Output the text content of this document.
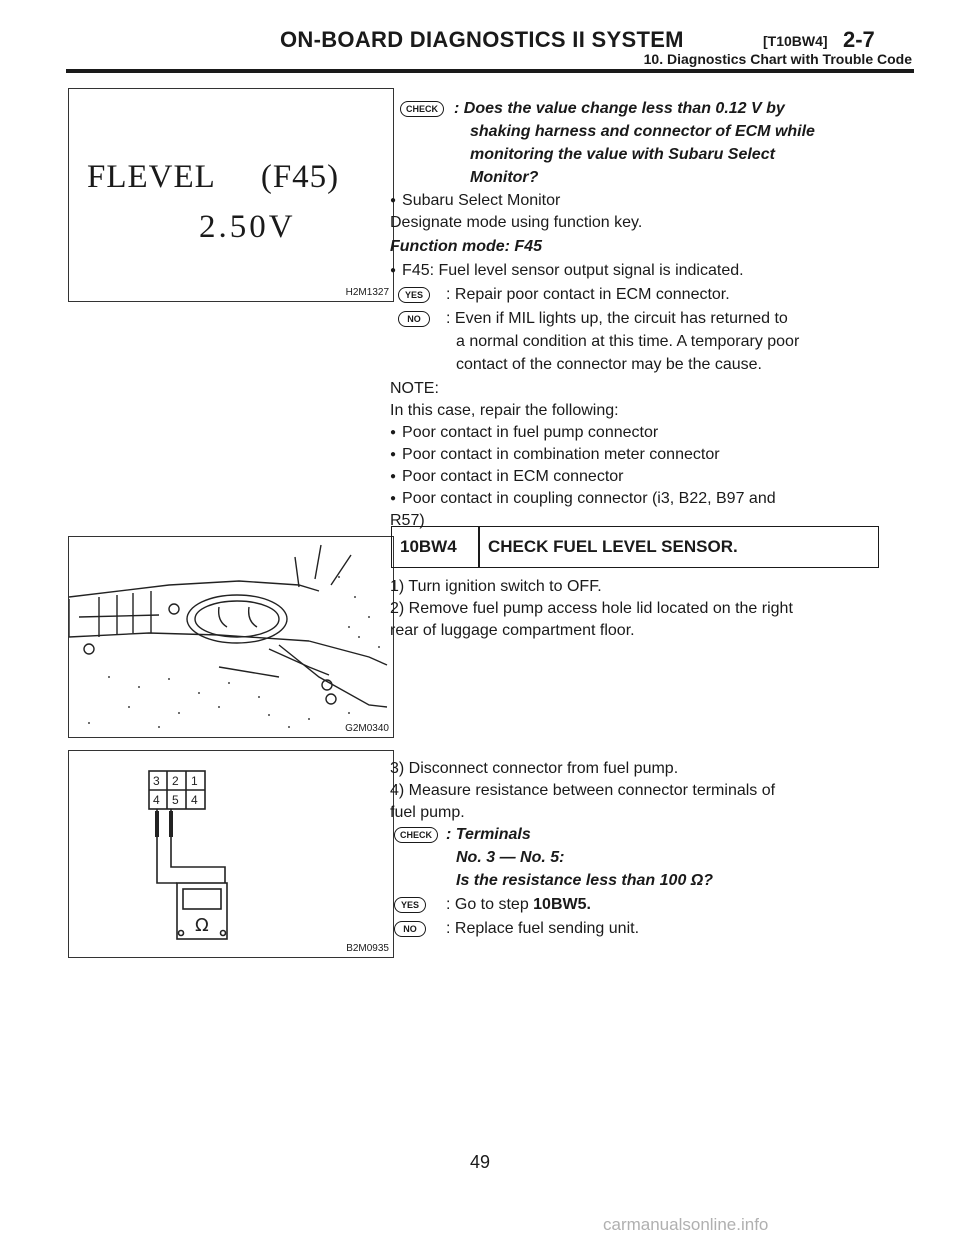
ON-BOARD DIAGNOSTICS II SYSTEM	[T10BW4] 2-7
10. Diagnostics Chart with Trouble Code
FLEVEL     (F45)
2.50V
H2M1327
G2M0340
3 2 1
4 5 4
Ω
B2M0935
CHECK	: Does the value change less than 0.12 V by
shaking harness and connector of ECM while
monitoring the value with Subaru Select
Monitor?
● Subaru Select Monitor
Designate mode using function key.
Function mode: F45
● F45: Fuel level sensor output signal is indicated.
YES	: Repair poor contact in ECM connector.
NO	: Even if MIL lights up, the circuit has returned to
a normal condition at this time. A temporary poor
contact of the connector may be the cause.
NOTE:
In this case, repair the following:
● Poor contact in fuel pump connector
● Poor contact in combination meter connector
● Poor contact in ECM connector
● Poor contact in coupling connector (i3, B22, B97 and
R57)
10BW4 CHECK FUEL LEVEL SENSOR.
1) Turn ignition switch to OFF.
2) Remove fuel pump access hole lid located on the right
rear of luggage compartment floor.
3) Disconnect connector from fuel pump.
4) Measure resistance between connector terminals of
fuel pump.
CHECK : Terminals
No. 3 — No. 5:
Is the resistance less than 100 Ω?
YES	: Go to step 10BW5.
NO	: Replace fuel sending unit.
49
carmanualsonline.info
